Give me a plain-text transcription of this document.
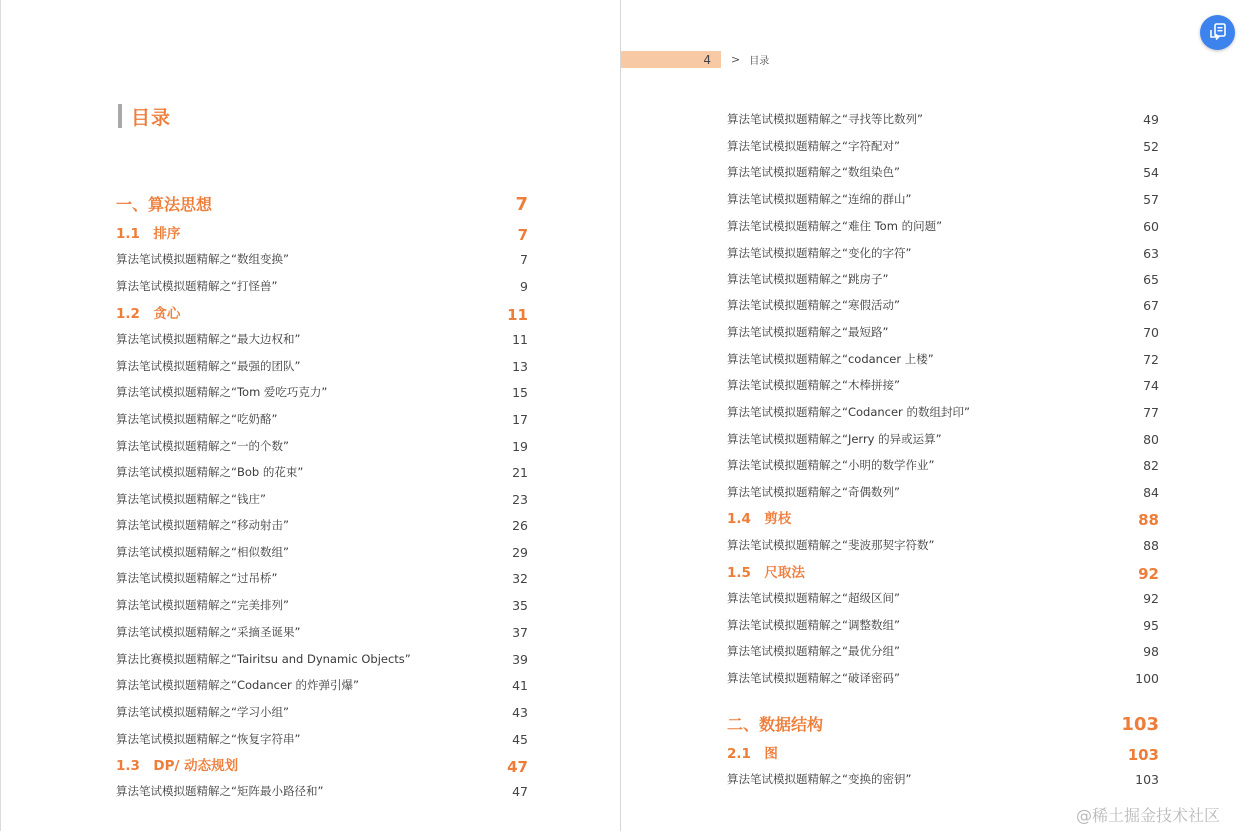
目录
4	> 目录
一、算法思想	7
1.1　排序	7
算法笔试模拟题精解之“数组变换”	7
算法笔试模拟题精解之“打怪兽”	9
1.2　贪心	11
算法笔试模拟题精解之“最大边权和”	11
算法笔试模拟题精解之“最强的团队”	13
算法笔试模拟题精解之“Tom 爱吃巧克力”	15
算法笔试模拟题精解之“吃奶酪”	17
算法笔试模拟题精解之“一的个数”	19
算法笔试模拟题精解之“Bob 的花束”	21
算法笔试模拟题精解之“钱庄”	23
算法笔试模拟题精解之“移动射击”	26
算法笔试模拟题精解之“相似数组”	29
算法笔试模拟题精解之“过吊桥”	32
算法笔试模拟题精解之“完美排列”	35
算法笔试模拟题精解之“采摘圣诞果”	37
算法比赛模拟题精解之“Tairitsu and Dynamic Objects”	39
算法笔试模拟题精解之“Codancer 的炸弹引爆”	41
算法笔试模拟题精解之“学习小组”	43
算法笔试模拟题精解之“恢复字符串”	45
1.3　DP/ 动态规划	47
算法笔试模拟题精解之“矩阵最小路径和”	47
算法笔试模拟题精解之“寻找等比数列”	49
算法笔试模拟题精解之“字符配对”	52
算法笔试模拟题精解之“数组染色”	54
算法笔试模拟题精解之“连绵的群山”	57
算法笔试模拟题精解之“难住 Tom 的问题”	60
算法笔试模拟题精解之“变化的字符”	63
算法笔试模拟题精解之“跳房子”	65
算法笔试模拟题精解之“寒假活动”	67
算法笔试模拟题精解之“最短路”	70
算法笔试模拟题精解之“codancer 上楼”	72
算法笔试模拟题精解之“木棒拼接”	74
算法笔试模拟题精解之“Codancer 的数组封印”	77
算法笔试模拟题精解之“Jerry 的异或运算”	80
算法笔试模拟题精解之“小明的数学作业”	82
算法笔试模拟题精解之“奇偶数列”	84
1.4　剪枝	88
算法笔试模拟题精解之“斐波那契字符数”	88
1.5　尺取法	92
算法笔试模拟题精解之“超级区间”	92
算法笔试模拟题精解之“调整数组”	95
算法笔试模拟题精解之“最优分组”	98
算法笔试模拟题精解之“破译密码”	100
二、数据结构	103
2.1　图	103
算法笔试模拟题精解之“变换的密钥”	103
@稀土掘金技术社区
